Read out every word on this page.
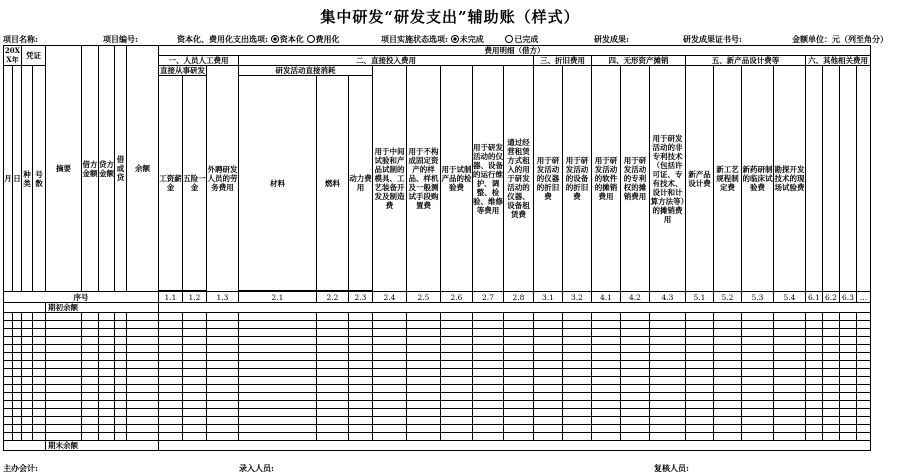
集中研发“研发支出”辅助账（样式）
项目名称:	项目编号:	资本化、费用化支出选项: 资本化 费用化	项目实施状态选项: 未完成	已完成	研发成果:	研发成果证书号:	金额单位：元（列至角分）
20XX年		凭证		摘要	借方金额	贷方金额	借或贷	余额	费用明细（借方）																							
									一、人员人工费用			二、直接投入费用								三、折旧费用		四、无形资产摊销			五、新产品设计费等				六、其他相关费用			
月	日	种类	号数						直接从事研发		外聘研发人员的劳务费用	研发活动直接消耗			用于中间试验和产品试制的模具、工艺装备开发及制造费	用于不构成固定资产的样品、样机及一般测试手段购置费	用于试制产品的检验费	用于研发活动的仪器、设备的运行维护、调整、检验、维修等费用	通过经营租赁方式租入的用于研发活动的仪器、设备租赁费	用于研发活动的仪器的折旧费	用于研发活动的设备的折旧费	用于研发活动的软件的摊销费用	用于研发活动的专利权的摊销费用	用于研发活动的非专利技术（包括许可证、专有技术、设计和计算方法等）的摊销费用	新产品设计费	新工艺规程制定费	新药研制的临床试验费	勘探开发技术的现场试验费				
									工资薪金	五险一金		材料	燃料	动力费用																		

序号									1.1	1.2	1.3	2.1	2.2	2.3	2.4	2.5	2.6	2.7	2.8	3.1	3.2	4.1	4.2	4.3	5.1	5.2	5.3	5.4	6.1	6.2	6.3	…
				期初余额																												

				期末余额																												
主办会计:	录入人员:	复核人员:
